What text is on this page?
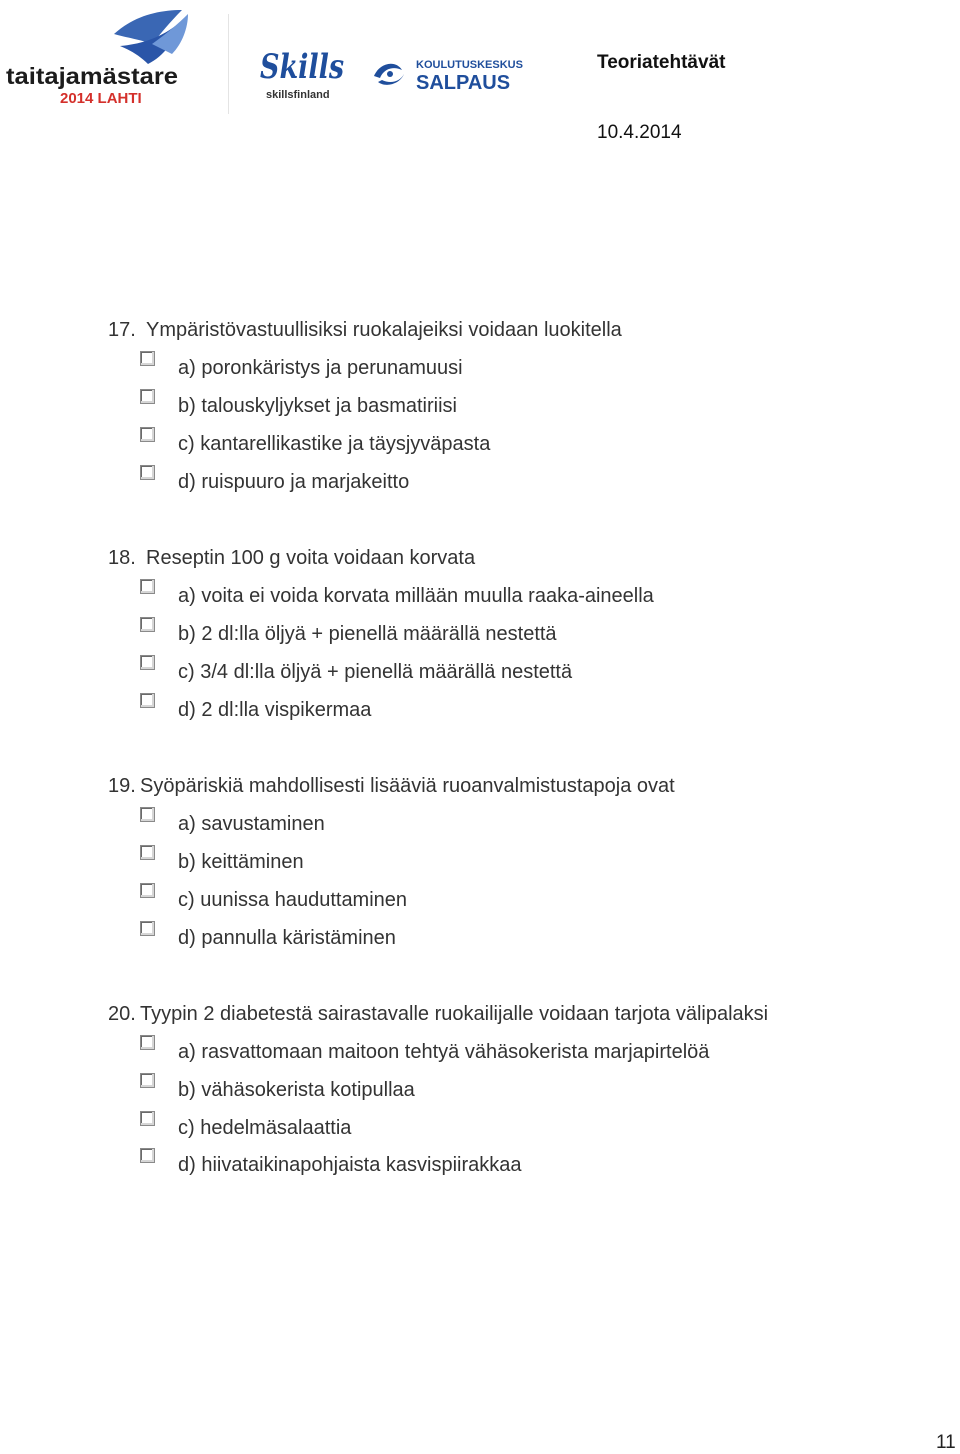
taitajamästare
2014 LAHTI
Skills
skillsfinland
KOULUTUSKESKUS
SALPAUS
Teoriatehtävät
10.4.2014
17. Ympäristövastuullisiksi ruokalajeiksi voidaan luokitella
a) poronkäristys ja perunamuusi
b) talouskyljykset ja basmatiriisi
c) kantarellikastike ja täysjyväpasta
d) ruispuuro ja marjakeitto
18. Reseptin 100 g voita voidaan korvata
a) voita ei voida korvata millään muulla raaka-aineella
b) 2 dl:lla öljyä + pienellä määrällä nestettä
c) 3/4 dl:lla öljyä + pienellä määrällä nestettä
d) 2 dl:lla vispikermaa
19. Syöpäriskiä mahdollisesti lisääviä ruoanvalmistustapoja ovat
a) savustaminen
b) keittäminen
c) uunissa hauduttaminen
d) pannulla käristäminen
20. Tyypin 2 diabetestä sairastavalle ruokailijalle voidaan tarjota välipalaksi
a) rasvattomaan maitoon tehtyä vähäsokerista marjapirtelöä
b) vähäsokerista kotipullaa
c) hedelmäsalaattia
d) hiivataikinapohjaista kasvispiirakkaa
11
